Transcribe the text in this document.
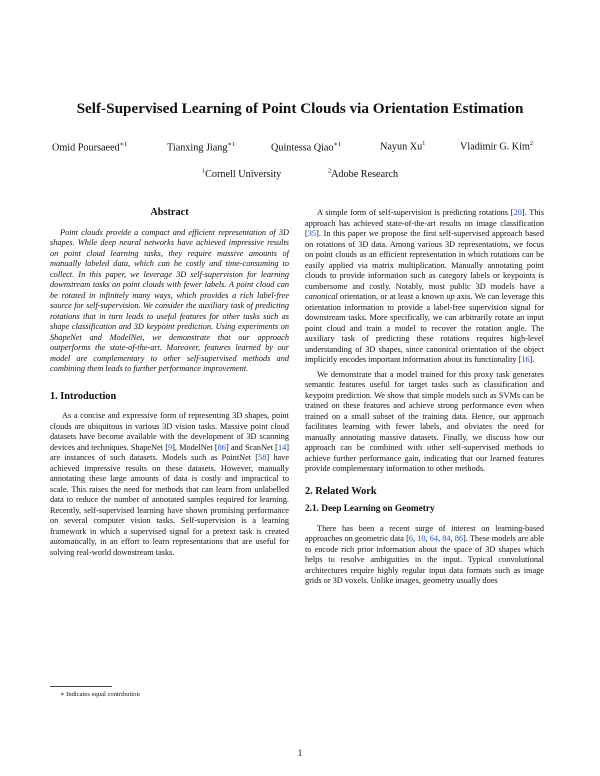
Self-Supervised Learning of Point Clouds via Orientation Estimation
Omid Poursaeed$^{∗1}$	Tianxing Jiang$^{∗1}$	Quintessa Qiao$^{∗1}$	Nayun Xu$^1$	Vladimir G. Kim$^2$
$^1$Cornell University	$^2$Adobe Research
Abstract

Point clouds provide a compact and efficient representation of 3D shapes. While deep neural networks have achieved impressive results on point cloud learning tasks, they require massive amounts of manually labeled data, which can be costly and time-consuming to collect. In this paper, we leverage 3D self-supervision for learning downstream tasks on point clouds with fewer labels. A point cloud can be rotated in infinitely many ways, which provides a rich label-free source for self-supervision. We consider the auxiliary task of predicting rotations that in turn leads to useful features for other tasks such as shape classification and 3D keypoint prediction. Using experiments on ShapeNet and ModelNet, we demonstrate that our approach outperforms the state-of-the-art. Moreover, features learned by our model are complementary to other self-supervised methods and combining them leads to further performance improvement.

1. Introduction

As a concise and expressive form of representing 3D shapes, point clouds are ubiquitous in various 3D vision tasks. Massive point cloud datasets have become available with the development of 3D scanning devices and techniques. ShapeNet [9], ModelNet [86] and ScanNet [14] are instances of such datasets. Models such as PointNet [58] have achieved impressive results on these datasets. However, manually annotating these large amounts of data is costly and impractical to scale. This raises the need for methods that can learn from unlabelled data to reduce the number of annotated samples required for learning. Recently, self-supervised learning have shown promising performance on several computer vision tasks. Self-supervision is a learning framework in which a supervised signal for a pretext task is created automatically, in an effort to learn representations that are useful for solving real-world downstream tasks.

A simple form of self-supervision is predicting rotations [20]. This approach has achieved state-of-the-art results on image classification [35]. In this paper we propose the first self-supervised approach based on rotations of 3D data. Among various 3D representations, we focus on point clouds as an efficient representation in which rotations can be easily applied via matrix multiplication. Manually annotating point clouds to provide information such as category labels or keypoints is cumbersome and costly. Notably, most public 3D models have a canonical orientation, or at least a known up axis. We can leverage this orientation information to provide a label-free supervision signal for downstream tasks. More specifically, we can arbitrarily rotate an input point cloud and train a model to recover the rotation angle. The auxiliary task of predicting these rotations requires high-level understanding of 3D shapes, since canonical orientation of the object implicitly encodes important information about its functionality [16].

We demonstrate that a model trained for this proxy task generates semantic features useful for target tasks such as classification and keypoint prediction. We show that simple models such as SVMs can be trained on these features and achieve strong performance even when trained on a small subset of the training data. Hence, our approach facilitates learning with fewer labels, and obviates the need for manually annotating massive datasets. Finally, we discuss how our approach can be combined with other self-supervised methods to achieve further performance gain, indicating that our learned features provide complementary information to other methods.

2. Related Work
2.1. Deep Learning on Geometry

There has been a recent surge of interest on learning-based approaches on geometric data [6, 10, 64, 84, 86]. These models are able to encode rich prior information about the space of 3D shapes which helps to resolve ambiguities in the input. Typical convolutional architectures require highly regular input data formats such as image grids or 3D voxels. Unlike images, geometry usually does

∗ Indicates equal contribution
1
